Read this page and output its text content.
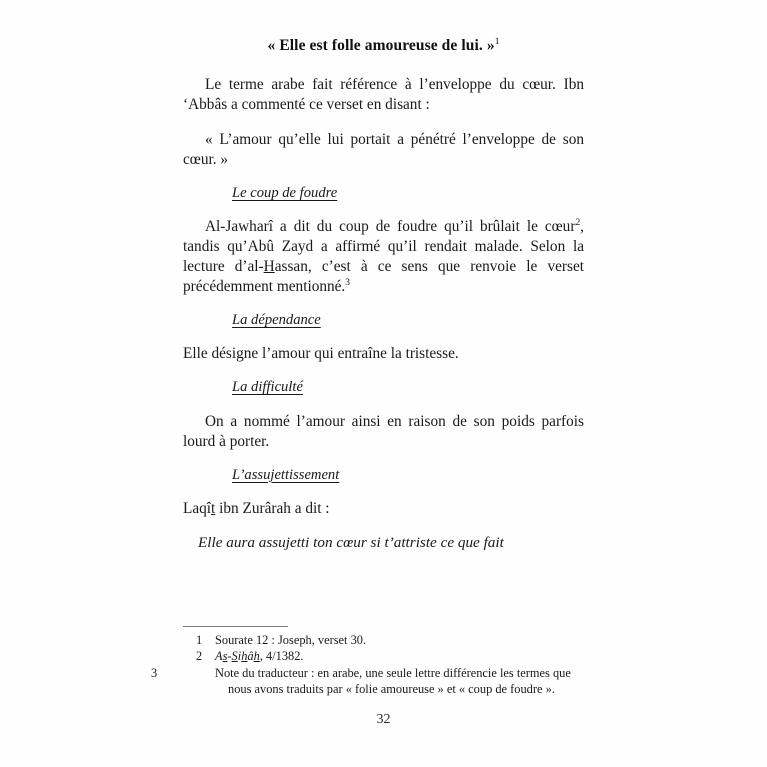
« Elle est folle amoureuse de lui. »$^1$

Le terme arabe fait référence à l’enveloppe du cœur. Ibn ‘Abbâs a commenté ce verset en disant :

« L’amour qu’elle lui portait a pénétré l’enveloppe de son cœur. »

Le coup de foudre

Al-Jawharî a dit du coup de foudre qu’il brûlait le cœur$^2$, tandis qu’Abû Zayd a affirmé qu’il rendait malade. Selon la lecture d’al-Hassan, c’est à ce sens que renvoie le verset précédemment mentionné.$^3$

La dépendance

Elle désigne l’amour qui entraîne la tristesse.

La difficulté

On a nommé l’amour ainsi en raison de son poids parfois lourd à porter.

L’assujettissement

Laqît ibn Zurârah a dit :

Elle aura assujetti ton cœur si t’attriste ce que fait

1 Sourate 12 : Joseph, verset 30.
2 As-Sihâh, 4/1382.
3	Note du traducteur : en arabe, une seule lettre différencie les termes que nous avons traduits par « folie amoureuse » et « coup de foudre ».
32
